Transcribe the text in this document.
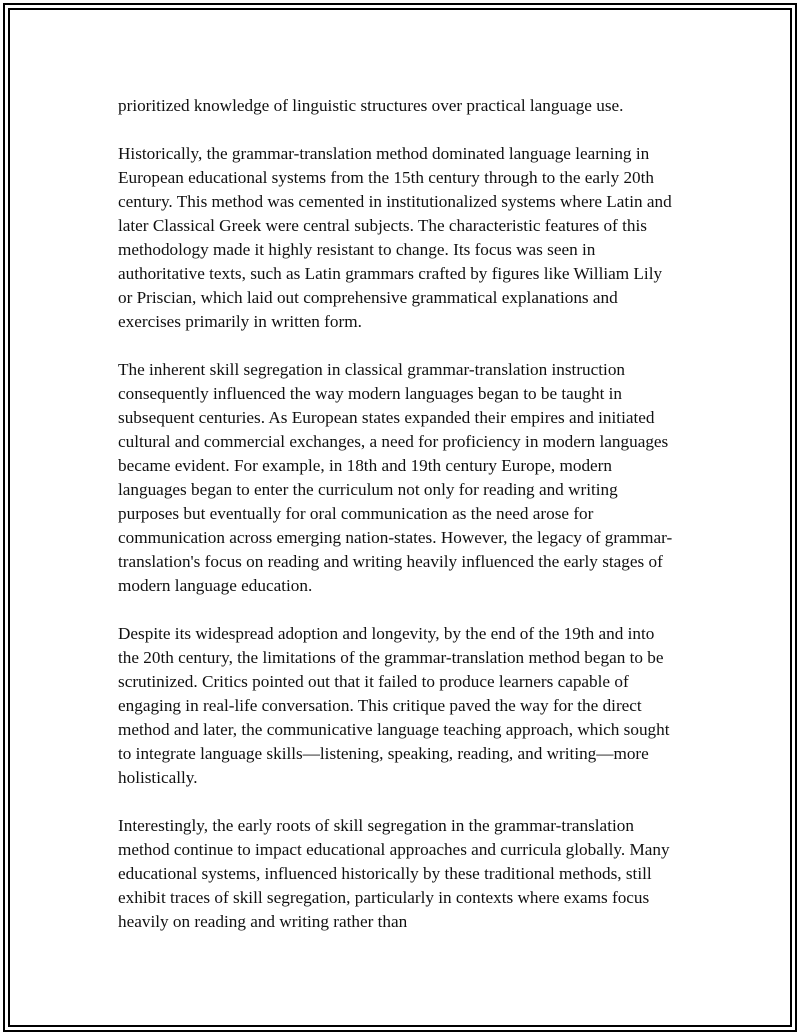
prioritized knowledge of linguistic structures over practical language use.

Historically, the grammar-translation method dominated language learning in European educational systems from the 15th century through to the early 20th century. This method was cemented in institutionalized systems where Latin and later Classical Greek were central subjects. The characteristic features of this methodology made it highly resistant to change. Its focus was seen in authoritative texts, such as Latin grammars crafted by figures like William Lily or Priscian, which laid out comprehensive grammatical explanations and exercises primarily in written form.

The inherent skill segregation in classical grammar-translation instruction consequently influenced the way modern languages began to be taught in subsequent centuries. As European states expanded their empires and initiated cultural and commercial exchanges, a need for proficiency in modern languages became evident. For example, in 18th and 19th century Europe, modern languages began to enter the curriculum not only for reading and writing purposes but eventually for oral communication as the need arose for communication across emerging nation-states. However, the legacy of grammar-translation's focus on reading and writing heavily influenced the early stages of modern language education.

Despite its widespread adoption and longevity, by the end of the 19th and into the 20th century, the limitations of the grammar-translation method began to be scrutinized. Critics pointed out that it failed to produce learners capable of engaging in real-life conversation. This critique paved the way for the direct method and later, the communicative language teaching approach, which sought to integrate language skills—listening, speaking, reading, and writing—more holistically.

Interestingly, the early roots of skill segregation in the grammar-translation method continue to impact educational approaches and curricula globally. Many educational systems, influenced historically by these traditional methods, still exhibit traces of skill segregation, particularly in contexts where exams focus heavily on reading and writing rather than
